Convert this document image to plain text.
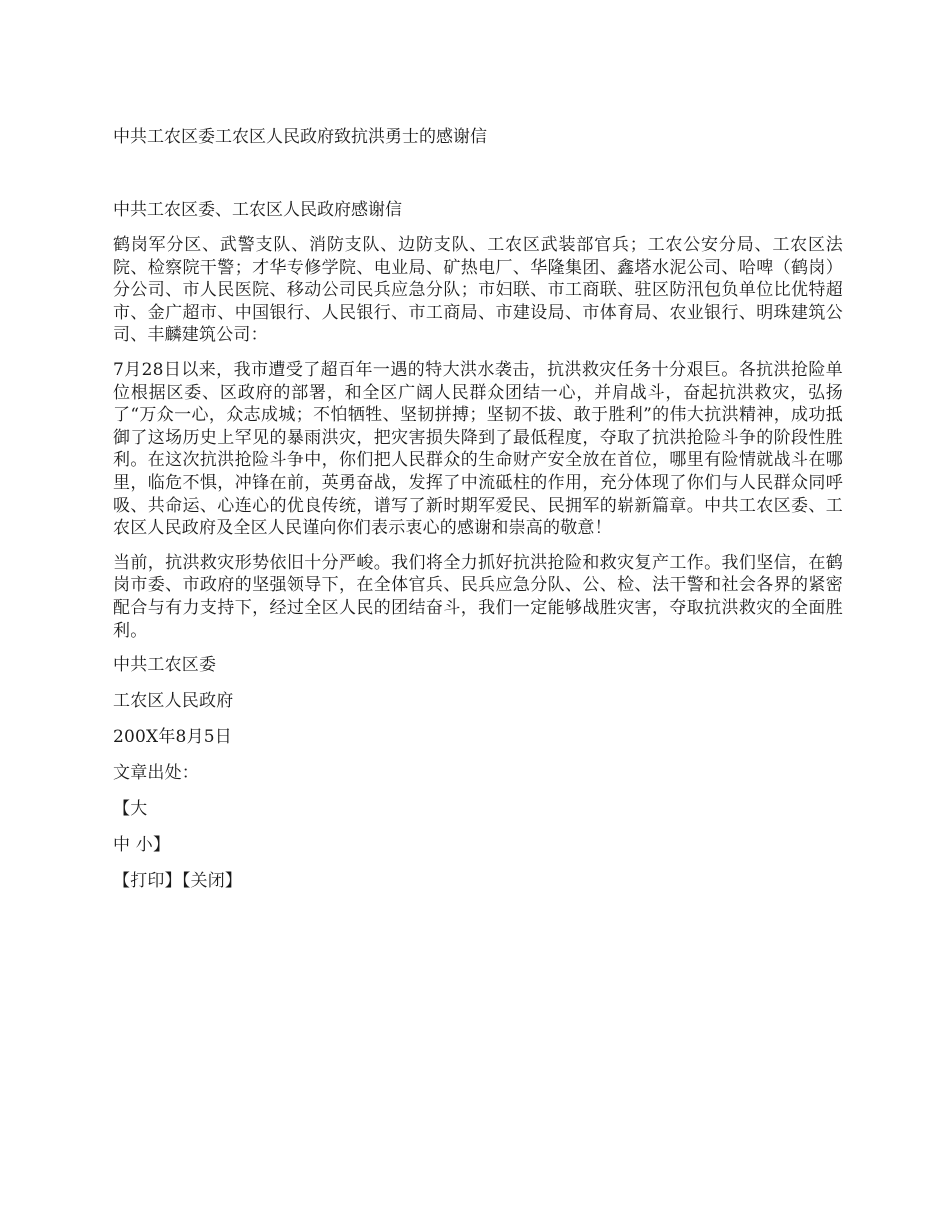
中共工农区委工农区人民政府致抗洪勇士的感谢信
中共工农区委、工农区人民政府感谢信

鹤岗军分区、武警支队、消防支队、边防支队、工农区武装部官兵；工农公安分局、工农区法院、检察院干警；才华专修学院、电业局、矿热电厂、华隆集团、鑫塔水泥公司、哈啤（鹤岗）分公司、市人民医院、移动公司民兵应急分队；市妇联、市工商联、驻区防汛包负单位比优特超市、金广超市、中国银行、人民银行、市工商局、市建设局、市体育局、农业银行、明珠建筑公司、丰麟建筑公司：

7月28日以来，我市遭受了超百年一遇的特大洪水袭击，抗洪救灾任务十分艰巨。各抗洪抢险单位根据区委、区政府的部署，和全区广阔人民群众团结一心，并肩战斗，奋起抗洪救灾，弘扬了“万众一心，众志成城；不怕牺牲、坚韧拼搏；坚韧不拔、敢于胜利”的伟大抗洪精神，成功抵御了这场历史上罕见的暴雨洪灾，把灾害损失降到了最低程度，夺取了抗洪抢险斗争的阶段性胜利。在这次抗洪抢险斗争中，你们把人民群众的生命财产安全放在首位，哪里有险情就战斗在哪里，临危不惧，冲锋在前，英勇奋战，发挥了中流砥柱的作用，充分体现了你们与人民群众同呼吸、共命运、心连心的优良传统，谱写了新时期军爱民、民拥军的崭新篇章。中共工农区委、工农区人民政府及全区人民谨向你们表示衷心的感谢和崇高的敬意！

当前，抗洪救灾形势依旧十分严峻。我们将全力抓好抗洪抢险和救灾复产工作。我们坚信，在鹤岗市委、市政府的坚强领导下，在全体官兵、民兵应急分队、公、检、法干警和社会各界的紧密配合与有力支持下，经过全区人民的团结奋斗，我们一定能够战胜灾害，夺取抗洪救灾的全面胜利。

中共工农区委

工农区人民政府

200X年8月5日

文章出处：

【大

中 小】

【打印】【关闭】
